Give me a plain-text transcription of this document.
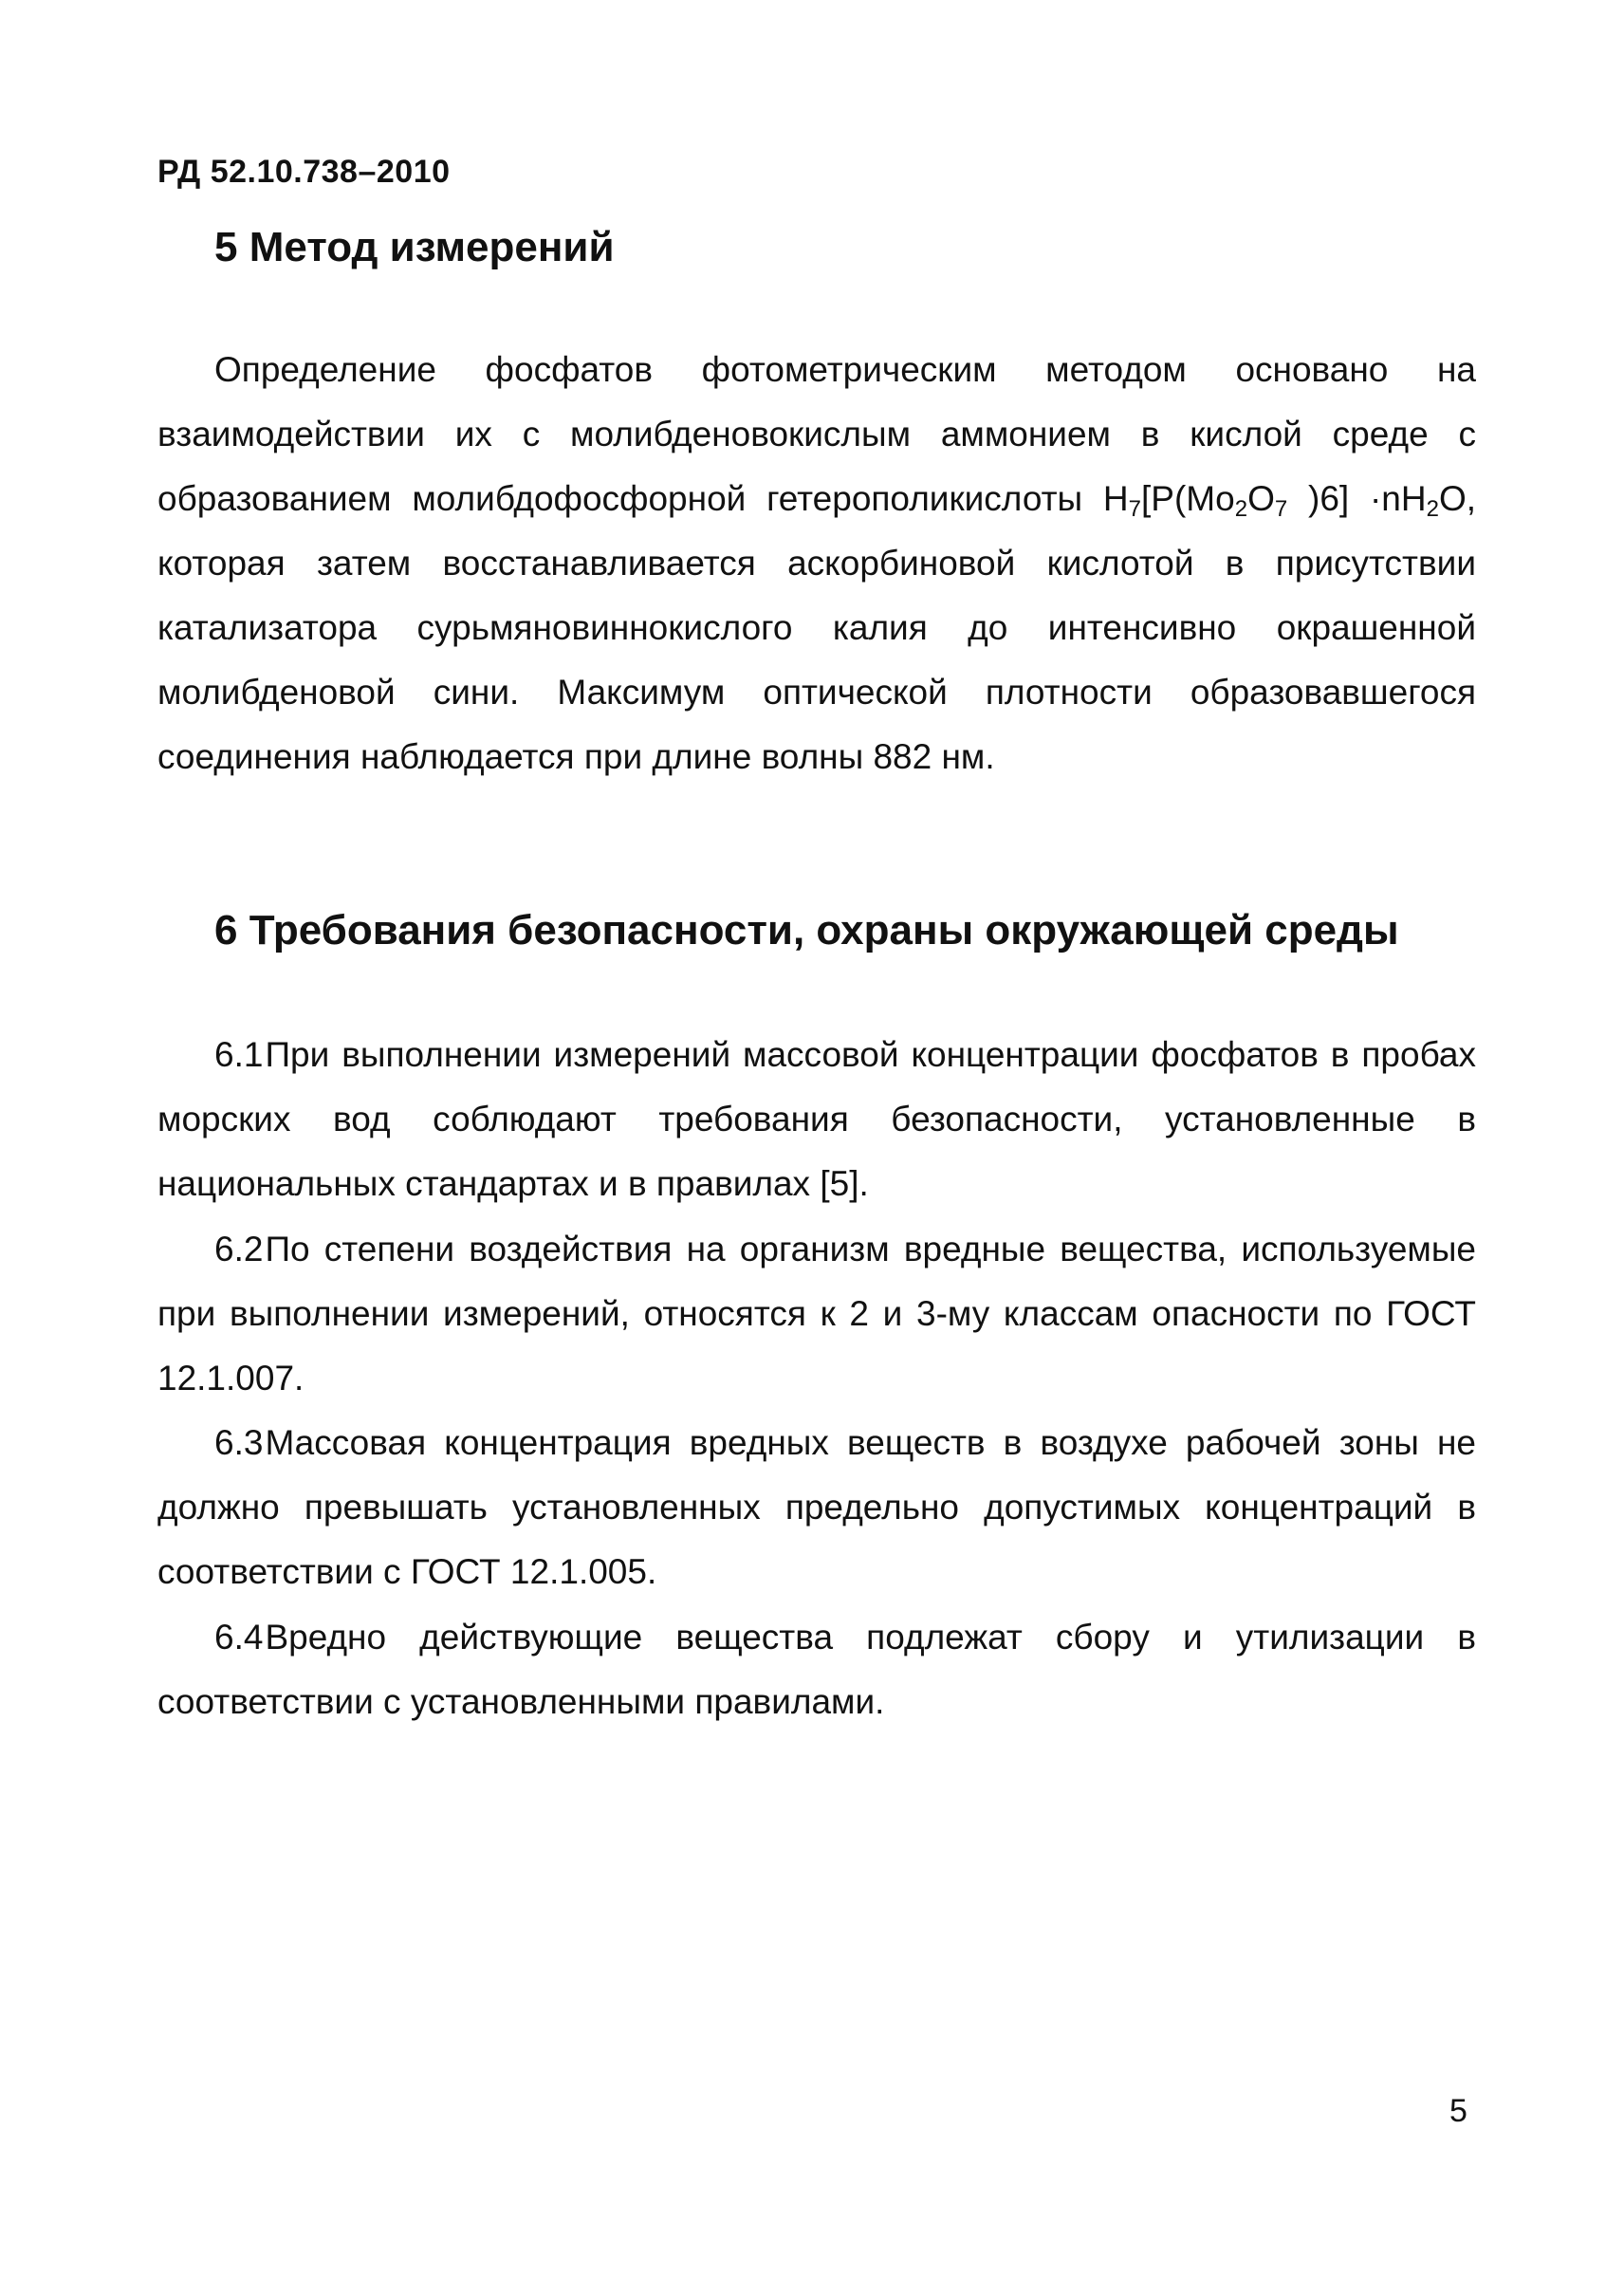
РД 52.10.738–2010
5 Метод измерений

Определение фосфатов фотометрическим методом основано на взаимодействии их с молибденовокислым аммонием в кислой среде с образованием молибдофосфорной гетерополикислоты $H_7[P(Mo_2O_7$ )$6] \cdot nH_2O$, которая затем восстанавливается аскорбиновой кислотой в присутствии катализатора сурьмяновиннокислого калия до интенсивно окрашенной молибденовой сини. Максимум оптической плотности образовавшегося соединения наблюдается при длине волны 882 нм.

6 Требования безопасности, охраны окружающей среды

6.1При выполнении измерений массовой концентрации фосфатов в пробах морских вод соблюдают требования безопасности, установленные в национальных стандартах и в правилах [5].

6.2По степени воздействия на организм вредные вещества, используемые при выполнении измерений, относятся к 2 и 3-му классам опасности по ГОСТ 12.1.007.

6.3Массовая концентрация вредных веществ в воздухе рабочей зоны не должно превышать установленных предельно допустимых концентраций в соответствии с ГОСТ 12.1.005.

6.4Вредно действующие вещества подлежат сбору и утилизации в соответствии с установленными правилами.

5
